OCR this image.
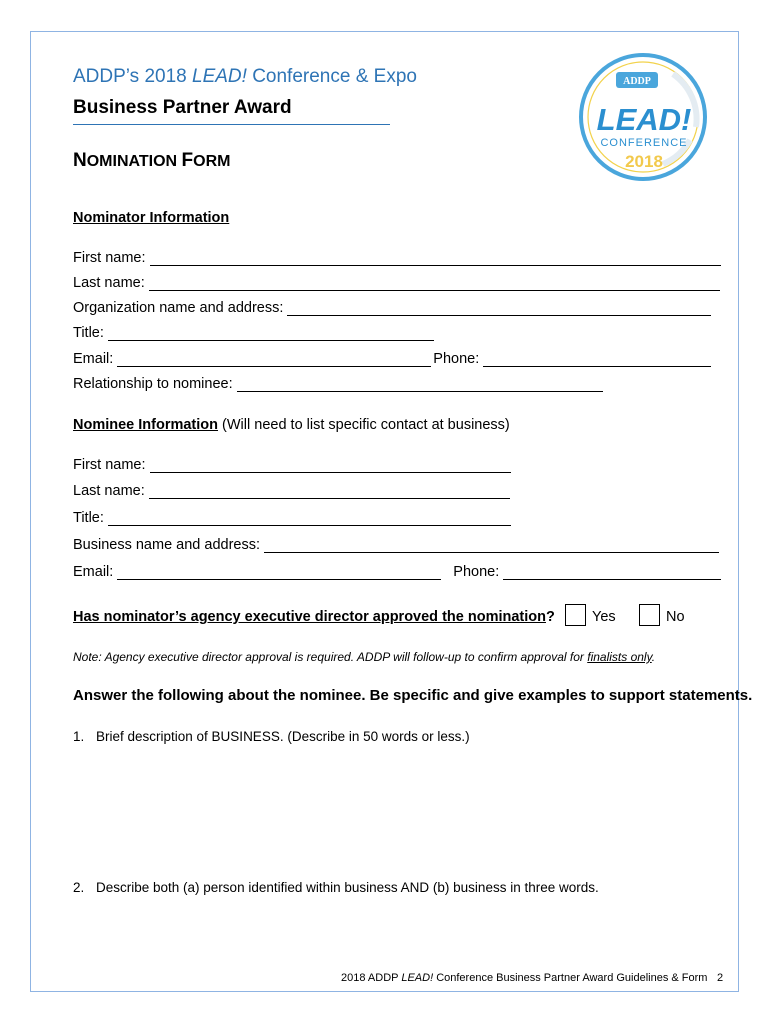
ADDP’s 2018 LEAD! Conference & Expo
Business Partner Award
NOMINATION FORM
ADDP
LEAD!
CONFERENCE
2018
Nominator Information
First name:
Last name:
Organization name and address:
Title:
Email:	Phone:
Relationship to nominee:
Nominee Information (Will need to list specific contact at business)
First name:
Last name:
Title:
Business name and address:
Email:	Phone:
Has nominator’s agency executive director approved the nomination?	Yes	No
Note: Agency executive director approval is required. ADDP will follow-up to confirm approval for finalists only.
Answer the following about the nominee. Be specific and give examples to support statements.
1. Brief description of BUSINESS. (Describe in 50 words or less.)
2. Describe both (a) person identified within business AND (b) business in three words.
2018 ADDP LEAD! Conference Business Partner Award Guidelines & Form 2
